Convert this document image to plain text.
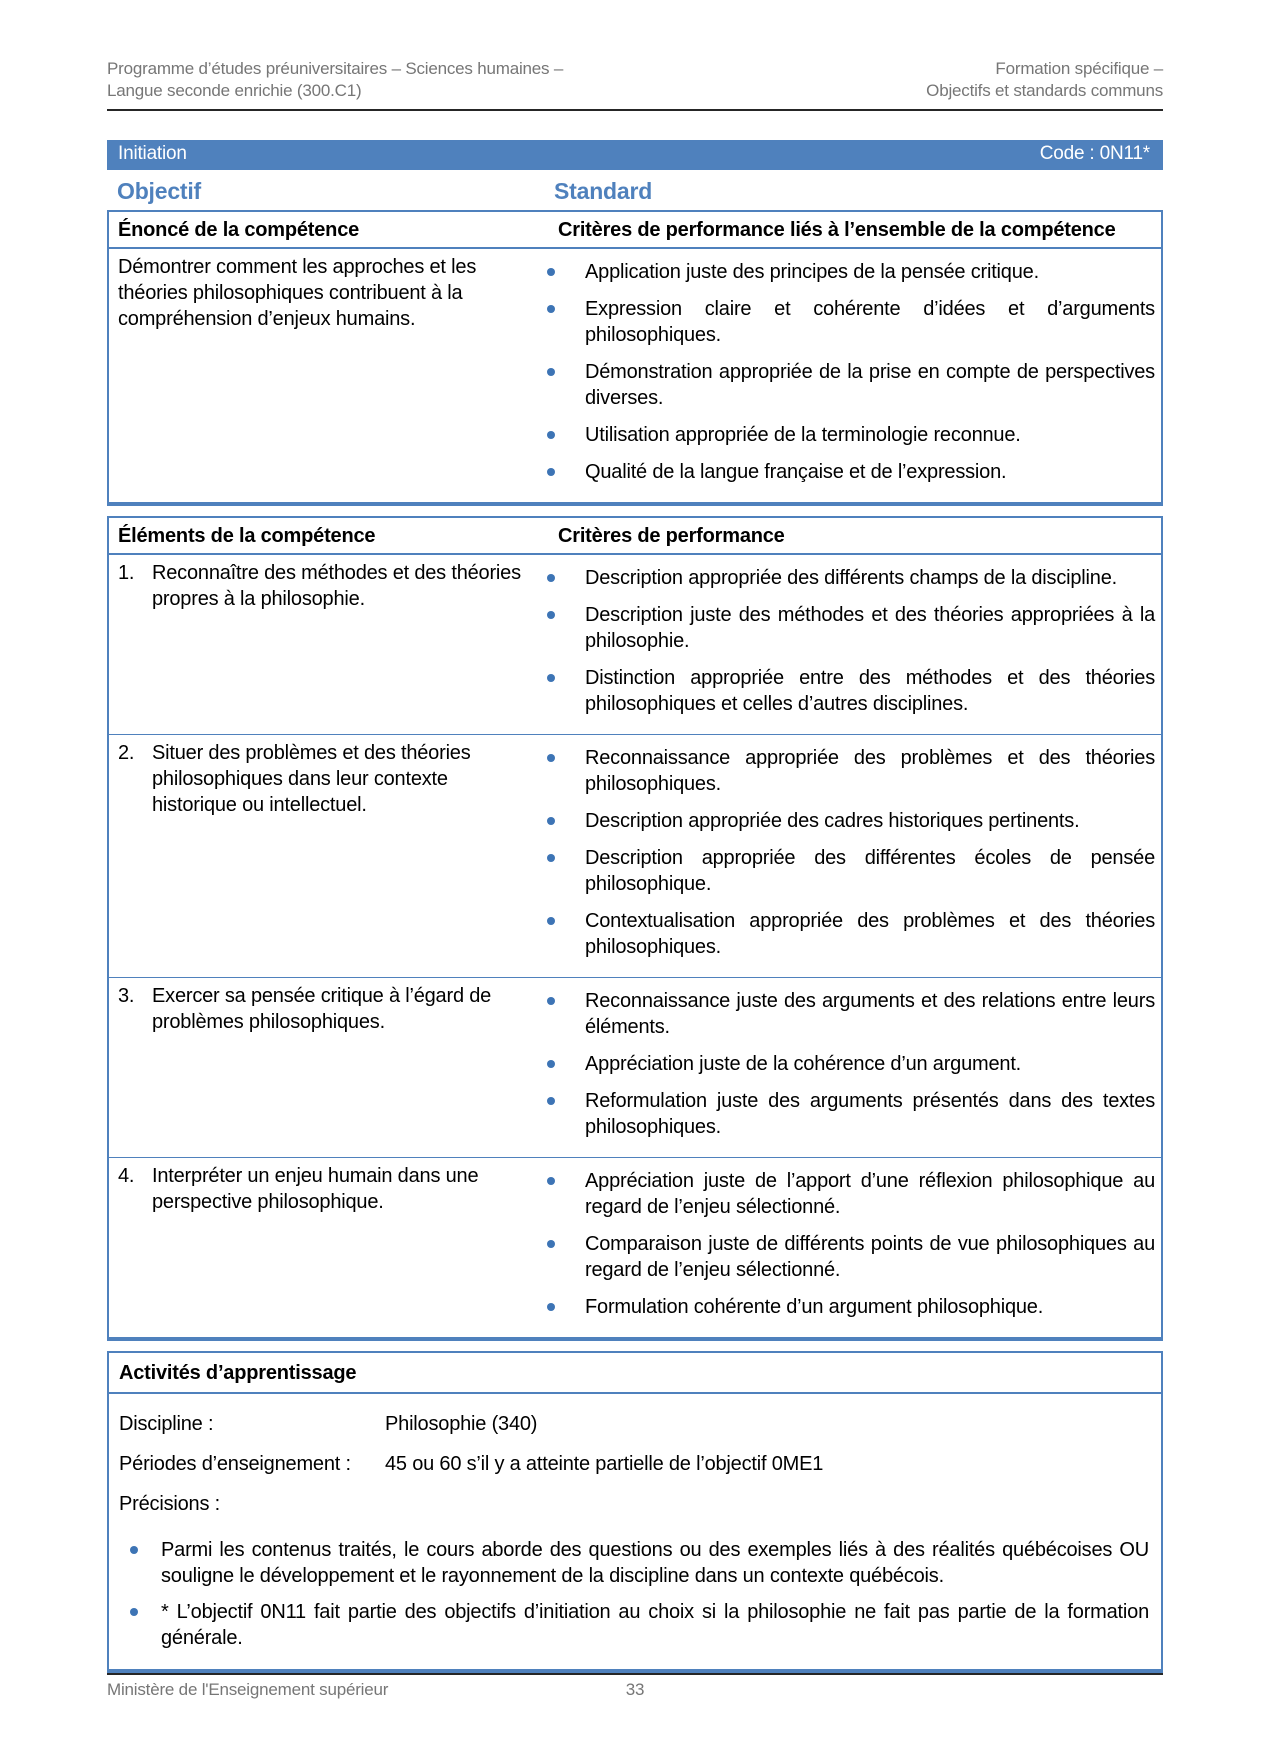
Programme d’études préuniversitaires – Sciences humaines –
Langue seconde enrichie (300.C1)
Formation spécifique –
Objectifs et standards communs
Initiation	Code : 0N11*
Objectif	Standard
Énoncé de la compétence	Critères de performance liés à l’ensemble de la compétence
Démontrer comment les approches et les théories philosophiques contribuent à la compréhension d’enjeux humains.
Application juste des principes de la pensée critique.
Expression claire et cohérente d’idées et d’arguments philosophiques.
Démonstration appropriée de la prise en compte de perspectives diverses.
Utilisation appropriée de la terminologie reconnue.
Qualité de la langue française et de l’expression.
Éléments de la compétence	Critères de performance
1. Reconnaître des méthodes et des théories propres à la philosophie.
Description appropriée des différents champs de la discipline.
Description juste des méthodes et des théories appropriées à la philosophie.
Distinction appropriée entre des méthodes et des théories philosophiques et celles d’autres disciplines.
2. Situer des problèmes et des théories philosophiques dans leur contexte historique ou intellectuel.
Reconnaissance appropriée des problèmes et des théories philosophiques.
Description appropriée des cadres historiques pertinents.
Description appropriée des différentes écoles de pensée philosophique.
Contextualisation appropriée des problèmes et des théories philosophiques.
3. Exercer sa pensée critique à l’égard de problèmes philosophiques.
Reconnaissance juste des arguments et des relations entre leurs éléments.
Appréciation juste de la cohérence d’un argument.
Reformulation juste des arguments présentés dans des textes philosophiques.
4. Interpréter un enjeu humain dans une perspective philosophique.
Appréciation juste de l’apport d’une réflexion philosophique au regard de l’enjeu sélectionné.
Comparaison juste de différents points de vue philosophiques au regard de l’enjeu sélectionné.
Formulation cohérente d’un argument philosophique.
Activités d’apprentissage
Discipline :	Philosophie (340)
Périodes d’enseignement :	45 ou 60 s’il y a atteinte partielle de l’objectif 0ME1
Précisions :
Parmi les contenus traités, le cours aborde des questions ou des exemples liés à des réalités québécoises OU souligne le développement et le rayonnement de la discipline dans un contexte québécois.
* L’objectif 0N11 fait partie des objectifs d’initiation au choix si la philosophie ne fait pas partie de la formation générale.
Ministère de l'Enseignement supérieur	33
